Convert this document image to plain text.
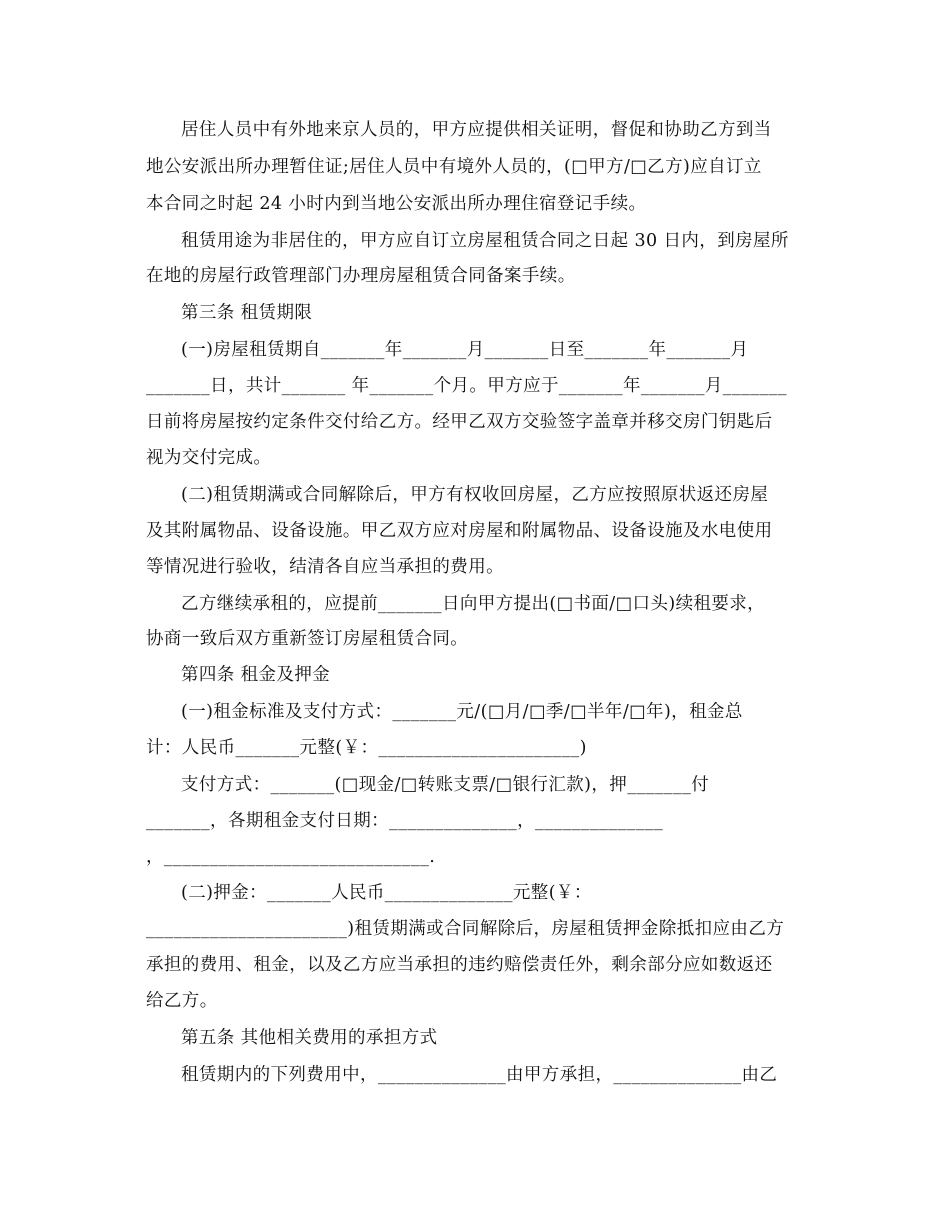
居住人员中有外地来京人员的，甲方应提供相关证明，督促和协助乙方到当
地公安派出所办理暂住证;居住人员中有境外人员的，(□甲方/□乙方)应自订立
本合同之时起 24 小时内到当地公安派出所办理住宿登记手续。
租赁用途为非居住的，甲方应自订立房屋租赁合同之日起 30 日内，到房屋所
在地的房屋行政管理部门办理房屋租赁合同备案手续。
第三条 租赁期限
(一)房屋租赁期自_______年_______月_______日至_______年_______月
_______日，共计_______ 年_______个月。甲方应于_______年_______月_______
日前将房屋按约定条件交付给乙方。经甲乙双方交验签字盖章并移交房门钥匙后
视为交付完成。
(二)租赁期满或合同解除后，甲方有权收回房屋，乙方应按照原状返还房屋
及其附属物品、设备设施。甲乙双方应对房屋和附属物品、设备设施及水电使用
等情况进行验收，结清各自应当承担的费用。
乙方继续承租的，应提前_______日向甲方提出(□书面/□口头)续租要求，
协商一致后双方重新签订房屋租赁合同。
第四条 租金及押金
(一)租金标准及支付方式：_______元/(□月/□季/□半年/□年)，租金总
计：人民币_______元整(￥：______________________)
支付方式：_______(□现金/□转账支票/□银行汇款)，押_______付
_______，各期租金支付日期：______________，______________
，_____________________________.
(二)押金：_______人民币______________元整(￥：
______________________)租赁期满或合同解除后，房屋租赁押金除抵扣应由乙方
承担的费用、租金，以及乙方应当承担的违约赔偿责任外，剩余部分应如数返还
给乙方。
第五条 其他相关费用的承担方式
租赁期内的下列费用中，______________由甲方承担，______________由乙
